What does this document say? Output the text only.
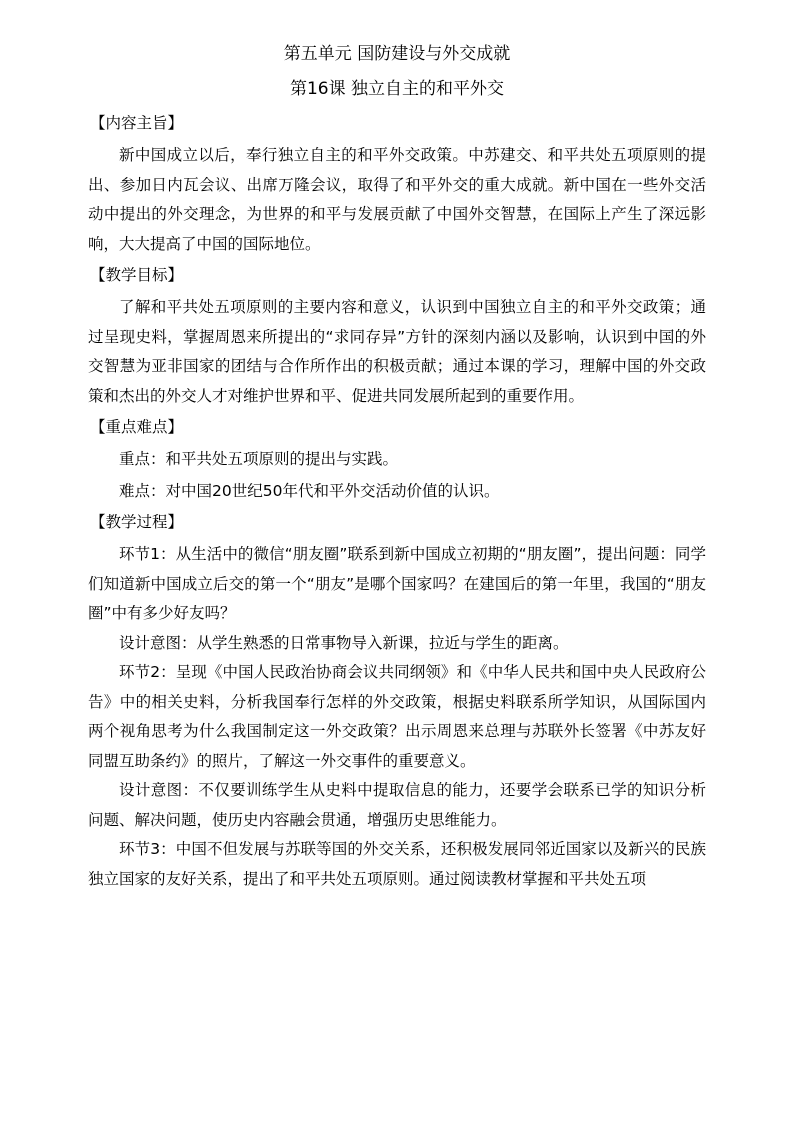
第五单元 国防建设与外交成就
第16课 独立自主的和平外交
【内容主旨】

新中国成立以后，奉行独立自主的和平外交政策。中苏建交、和平共处五项原则的提出、参加日内瓦会议、出席万隆会议，取得了和平外交的重大成就。新中国在一些外交活动中提出的外交理念，为世界的和平与发展贡献了中国外交智慧，在国际上产生了深远影响，大大提高了中国的国际地位。

【教学目标】

了解和平共处五项原则的主要内容和意义，认识到中国独立自主的和平外交政策；通过呈现史料，掌握周恩来所提出的“求同存异”方针的深刻内涵以及影响，认识到中国的外交智慧为亚非国家的团结与合作所作出的积极贡献；通过本课的学习，理解中国的外交政策和杰出的外交人才对维护世界和平、促进共同发展所起到的重要作用。

【重点难点】

重点：和平共处五项原则的提出与实践。

难点：对中国20世纪50年代和平外交活动价值的认识。

【教学过程】

环节1：从生活中的微信“朋友圈”联系到新中国成立初期的“朋友圈”，提出问题：同学们知道新中国成立后交的第一个“朋友”是哪个国家吗？在建国后的第一年里，我国的“朋友圈”中有多少好友吗？

设计意图：从学生熟悉的日常事物导入新课，拉近与学生的距离。

环节2：呈现《中国人民政治协商会议共同纲领》和《中华人民共和国中央人民政府公告》中的相关史料，分析我国奉行怎样的外交政策，根据史料联系所学知识，从国际国内两个视角思考为什么我国制定这一外交政策？出示周恩来总理与苏联外长签署《中苏友好同盟互助条约》的照片，了解这一外交事件的重要意义。

设计意图：不仅要训练学生从史料中提取信息的能力，还要学会联系已学的知识分析问题、解决问题，使历史内容融会贯通，增强历史思维能力。

环节3：中国不但发展与苏联等国的外交关系，还积极发展同邻近国家以及新兴的民族独立国家的友好关系，提出了和平共处五项原则。通过阅读教材掌握和平共处五项
